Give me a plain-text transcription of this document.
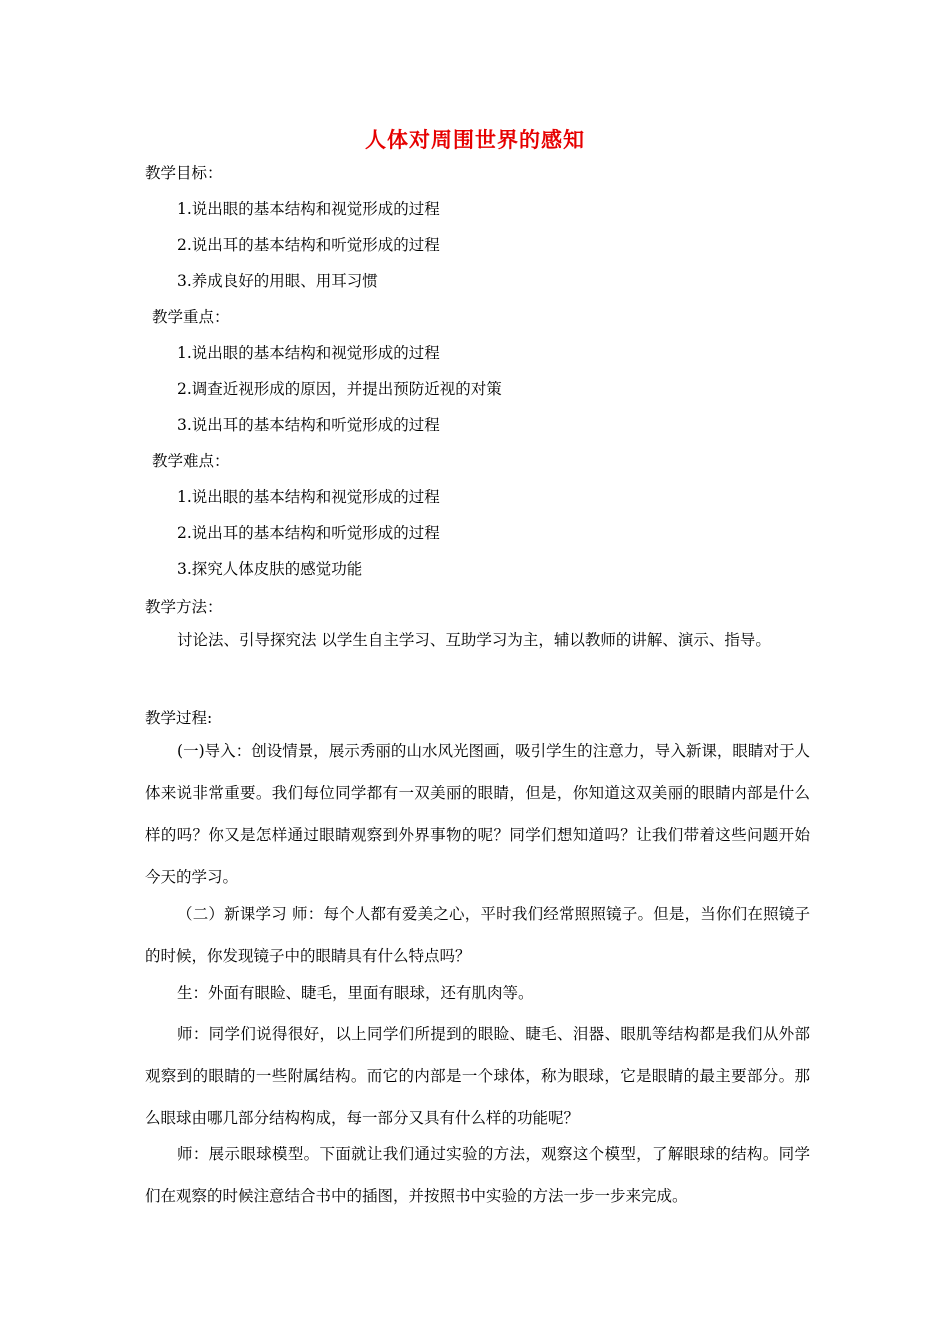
人体对周围世界的感知
教学目标：
1.说出眼的基本结构和视觉形成的过程
2.说出耳的基本结构和听觉形成的过程
3.养成良好的用眼、用耳习惯
教学重点：
1.说出眼的基本结构和视觉形成的过程
2.调查近视形成的原因，并提出预防近视的对策
3.说出耳的基本结构和听觉形成的过程
教学难点：
1.说出眼的基本结构和视觉形成的过程
2.说出耳的基本结构和听觉形成的过程
3.探究人体皮肤的感觉功能
教学方法：
讨论法、引导探究法 以学生自主学习、互助学习为主，辅以教师的讲解、演示、指导。
教学过程:
(一)导入：创设情景，展示秀丽的山水风光图画，吸引学生的注意力，导入新课，眼睛对于人体来说非常重要。我们每位同学都有一双美丽的眼睛，但是，你知道这双美丽的眼睛内部是什么样的吗？你又是怎样通过眼睛观察到外界事物的呢？同学们想知道吗？让我们带着这些问题开始今天的学习。
（二）新课学习 师：每个人都有爱美之心，平时我们经常照照镜子。但是，当你们在照镜子的时候，你发现镜子中的眼睛具有什么特点吗？
生：外面有眼睑、睫毛，里面有眼球，还有肌肉等。
师：同学们说得很好，以上同学们所提到的眼睑、睫毛、泪器、眼肌等结构都是我们从外部观察到的眼睛的一些附属结构。而它的内部是一个球体，称为眼球，它是眼睛的最主要部分。那么眼球由哪几部分结构构成，每一部分又具有什么样的功能呢？
师：展示眼球模型。下面就让我们通过实验的方法，观察这个模型，了解眼球的结构。同学们在观察的时候注意结合书中的插图，并按照书中实验的方法一步一步来完成。
